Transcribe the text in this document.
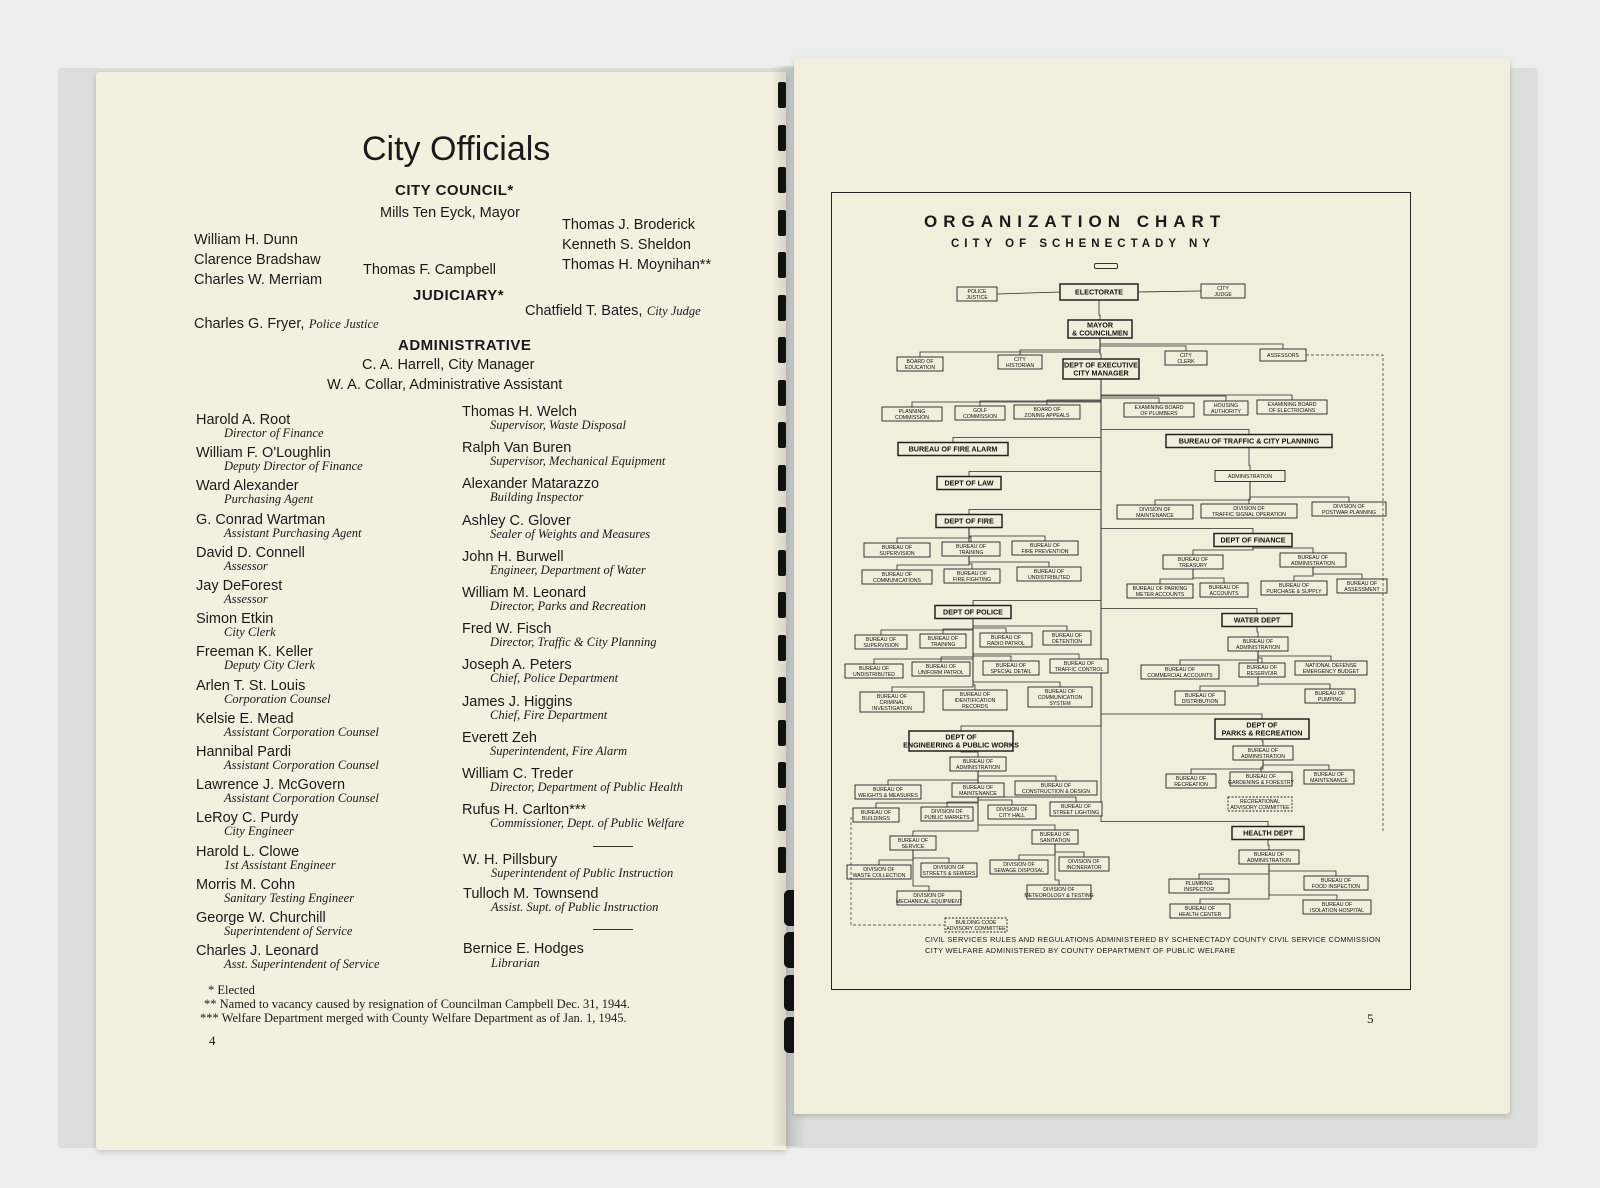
City Officials
CITY COUNCIL*
Mills Ten Eyck, Mayor
William H. Dunn
Clarence Bradshaw
Charles W. Merriam
Thomas F. Campbell
Thomas J. Broderick
Kenneth S. Sheldon
Thomas H. Moynihan**
JUDICIARY*
Chatfield T. Bates, City Judge
Charles G. Fryer, Police Justice
ADMINISTRATIVE
C. A. Harrell, City Manager
W. A. Collar, Administrative Assistant
Harold A. Root
Director of Finance
William F. O'Loughlin
Deputy Director of Finance
Ward Alexander
Purchasing Agent
G. Conrad Wartman
Assistant Purchasing Agent
David D. Connell
Assessor
Jay DeForest
Assessor
Simon Etkin
City Clerk
Freeman K. Keller
Deputy City Clerk
Arlen T. St. Louis
Corporation Counsel
Kelsie E. Mead
Assistant Corporation Counsel
Hannibal Pardi
Assistant Corporation Counsel
Lawrence J. McGovern
Assistant Corporation Counsel
LeRoy C. Purdy
City Engineer
Harold L. Clowe
1st Assistant Engineer
Morris M. Cohn
Sanitary Testing Engineer
George W. Churchill
Superintendent of Service
Charles J. Leonard
Asst. Superintendent of Service
Thomas H. Welch
Supervisor, Waste Disposal
Ralph Van Buren
Supervisor, Mechanical Equipment
Alexander Matarazzo
Building Inspector
Ashley C. Glover
Sealer of Weights and Measures
John H. Burwell
Engineer, Department of Water
William M. Leonard
Director, Parks and Recreation
Fred W. Fisch
Director, Traffic & City Planning
Joseph A. Peters
Chief, Police Department
James J. Higgins
Chief, Fire Department
Everett Zeh
Superintendent, Fire Alarm
William C. Treder
Director, Department of Public Health
Rufus H. Carlton***
Commissioner, Dept. of Public Welfare
W. H. Pillsbury
Superintendent of Public Instruction
Tulloch M. Townsend
Assist. Supt. of Public Instruction
Bernice E. Hodges
Librarian
* Elected
** Named to vacancy caused by resignation of Councilman Campbell Dec. 31, 1944.
*** Welfare Department merged with County Welfare Department as of Jan. 1, 1945.
4
ORGANIZATION CHART
CITY OF SCHENECTADY NY
POLICE
JUSTICE
ELECTORATE	CITY
JUDGE
MAYOR
& COUNCILMEN
BOARD OF
EDUCATION
CITY
HISTORIAN	DEPT OF EXECUTIVE
CITY MANAGER
CITY
CLERK
ASSESSORS
PLANNING
COMMISSION
GOLF
COMMISSION
BOARD OF
ZONING APPEALS
EXAMINING BOARD
OF PLUMBERS
HOUSING
AUTHORITY
EXAMINING BOARD
OF ELECTRICIANS
BUREAU OF FIRE ALARM
BUREAU OF TRAFFIC & CITY PLANNING
ADMINISTRATION
DEPT OF LAW
DIVISION OF
MAINTENANCE
DIVISION OF
TRAFFIC SIGNAL OPERATION
DIVISION OF
POSTWAR PLANNING
DEPT OF FIRE
DEPT OF FINANCE
BUREAU OF
SUPERVISION
BUREAU OF
TRAINING
BUREAU OF
FIRE PREVENTION
BUREAU OF
TREASURY
BUREAU OF
ADMINISTRATION
BUREAU OF
COMMUNICATIONS
BUREAU OF
FIRE FIGHTING
BUREAU OF
UNDISTRIBUTED
BUREAU OF PARKING
METER ACCOUNTS
BUREAU OF
ACCOUNTS
BUREAU OF
PURCHASE & SUPPLY
BUREAU OF
ASSESSMENT
DEPT OF POLICE
WATER DEPT
BUREAU OF
SUPERVISION
BUREAU OF
TRAINING
BUREAU OF
RADIO PATROL
BUREAU OF
DETENTION	BUREAU OF
ADMINISTRATION
BUREAU OF
UNDISTRIBUTED
BUREAU OF
UNIFORM PATROL
BUREAU OF
SPECIAL DETAIL
BUREAU OF
TRAFFIC CONTROL	BUREAU OF
COMMERCIAL ACCOUNTS
BUREAU OF
RESERVOIR
NATIONAL DEFENSE
EMERGENCY BUDGET
BUREAU OF
CRIMINAL
INVESTIGATION
BUREAU OF
IDENTIFICATION
RECORDS
BUREAU OF
COMMUNICATION
SYSTEM
BUREAU OF
DISTRIBUTION
BUREAU OF
PUMPING
DEPT OF
ENGINEERING & PUBLIC WORKS
DEPT OF
PARKS & RECREATION
BUREAU OF
ADMINISTRATION
BUREAU OF
ADMINISTRATION
BUREAU OF
WEIGHTS & MEASURES
BUREAU OF
MAINTENANCE
BUREAU OF
CONSTRUCTION & DESIGN
BUREAU OF
RECREATION
BUREAU OF
GARDENING & FORESTRY
BUREAU OF
MAINTENANCE
RECREATIONAL
ADVISORY COMMITTEE
BUREAU OF
BUILDINGS
DIVISION OF
PUBLIC MARKETS
DIVISION OF
CITY HALL
BUREAU OF
STREET LIGHTING
BUREAU OF
SERVICE
BUREAU OF
SANITATION
HEALTH DEPT
BUREAU OF
ADMINISTRATION
DIVISION OF
WASTE COLLECTION
DIVISION OF
STREETS & SEWERS
DIVISION OF
SEWAGE DISPOSAL
DIVISION OF
INCINERATOR
PLUMBING
INSPECTOR
BUREAU OF
FOOD INSPECTION
DIVISION OF
MECHANICAL EQUIPMENT
DIVISION OF
METEOROLOGY & TESTING
BUREAU OF
HEALTH CENTER
BUREAU OF
ISOLATION HOSPITAL
BUILDING CODE
ADVISORY COMMITTEE
CIVIL SERVICES RULES AND REGULATIONS ADMINISTERED BY SCHENECTADY COUNTY CIVIL SERVICE COMMISSION
CITY WELFARE ADMINISTERED BY COUNTY DEPARTMENT OF PUBLIC WELFARE
5
